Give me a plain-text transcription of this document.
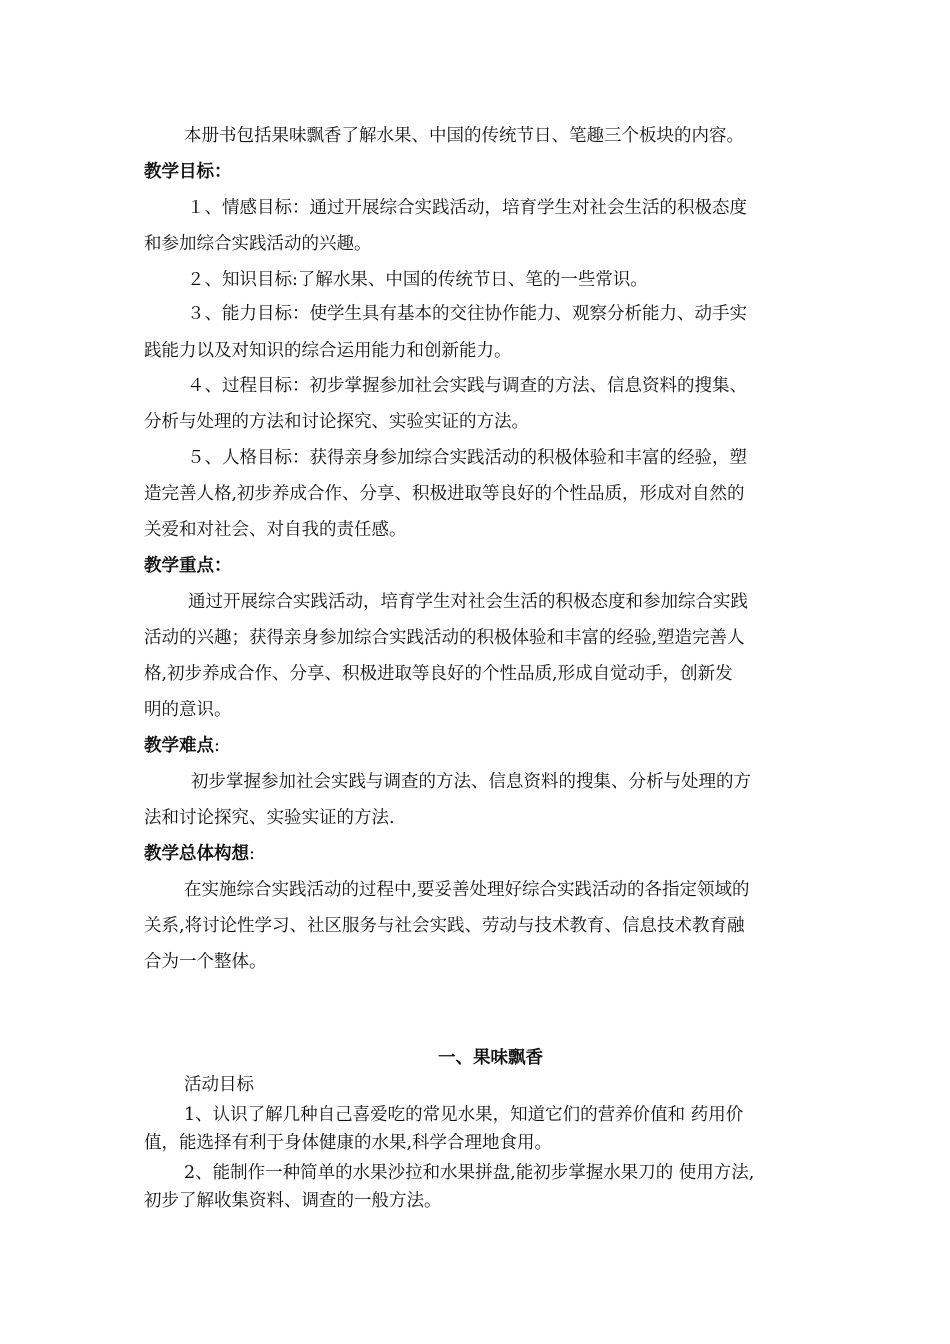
本册书包括果味飘香了解水果、中国的传统节日、笔趣三个板块的内容。

教学目标：

１、情感目标：通过开展综合实践活动，培育学生对社会生活的积极态度

和参加综合实践活动的兴趣。

２、知识目标:了解水果、中国的传统节日、笔的一些常识。

３、能力目标：使学生具有基本的交往协作能力、观察分析能力、动手实

践能力以及对知识的综合运用能力和创新能力。

４、过程目标：初步掌握参加社会实践与调查的方法、信息资料的搜集、

分析与处理的方法和讨论探究、实验实证的方法。

５、人格目标：获得亲身参加综合实践活动的积极体验和丰富的经验，塑

造完善人格,初步养成合作、分享、积极进取等良好的个性品质，形成对自然的

关爱和对社会、对自我的责任感。

教学重点：

通过开展综合实践活动，培育学生对社会生活的积极态度和参加综合实践

活动的兴趣；获得亲身参加综合实践活动的积极体验和丰富的经验,塑造完善人

格,初步养成合作、分享、积极进取等良好的个性品质,形成自觉动手，创新发

明的意识。

教学难点:

初步掌握参加社会实践与调查的方法、信息资料的搜集、分析与处理的方

法和讨论探究、实验实证的方法.

教学总体构想:

在实施综合实践活动的过程中,要妥善处理好综合实践活动的各指定领域的

关系,将讨论性学习、社区服务与社会实践、劳动与技术教育、信息技术教育融

合为一个整体。

一、果味飘香

活动目标

1、认识了解几种自己喜爱吃的常见水果，知道它们的营养价值和 药用价

值，能选择有利于身体健康的水果,科学合理地食用。

2、能制作一种简单的水果沙拉和水果拼盘,能初步掌握水果刀的 使用方法,

初步了解收集资料、调查的一般方法。
